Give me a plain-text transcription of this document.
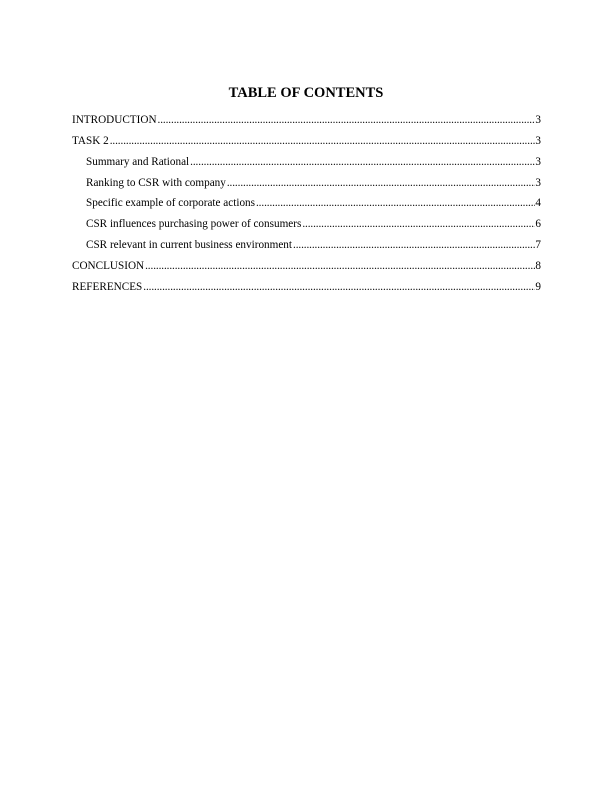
TABLE OF CONTENTS
INTRODUCTION . . .	3
TASK 2 . . .	3
Summary and Rational . . .	3
Ranking to CSR with company . . .	3
Specific example of corporate actions . . .	4
CSR influences purchasing power of consumers . . .	6
CSR relevant in current business environment . . .	7
CONCLUSION . . .	8
REFERENCES . . .	9
